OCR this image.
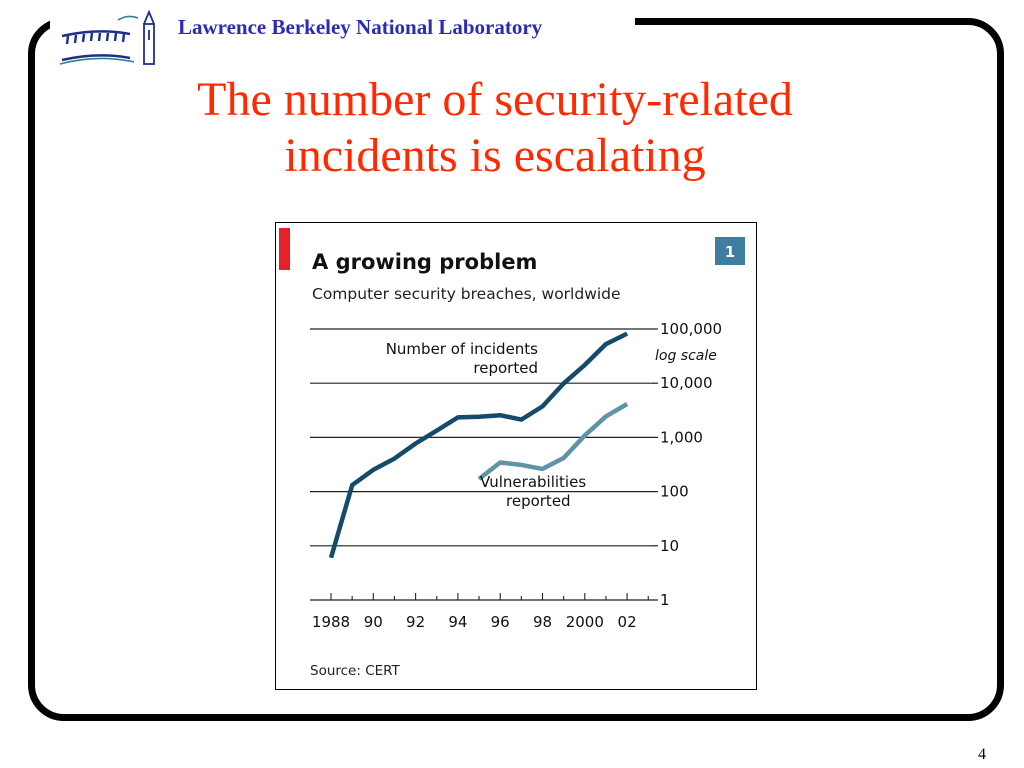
Lawrence Berkeley National Laboratory
The number of security-related
incidents is escalating
A growing problem
Computer security breaches, worldwide
1
1
10
100
1,000
10,000
100,000
1988 90 92 94 96 98 2000 02
log scale
Number of incidents
reported
Vulnerabilities
reported
Source: CERT
4
